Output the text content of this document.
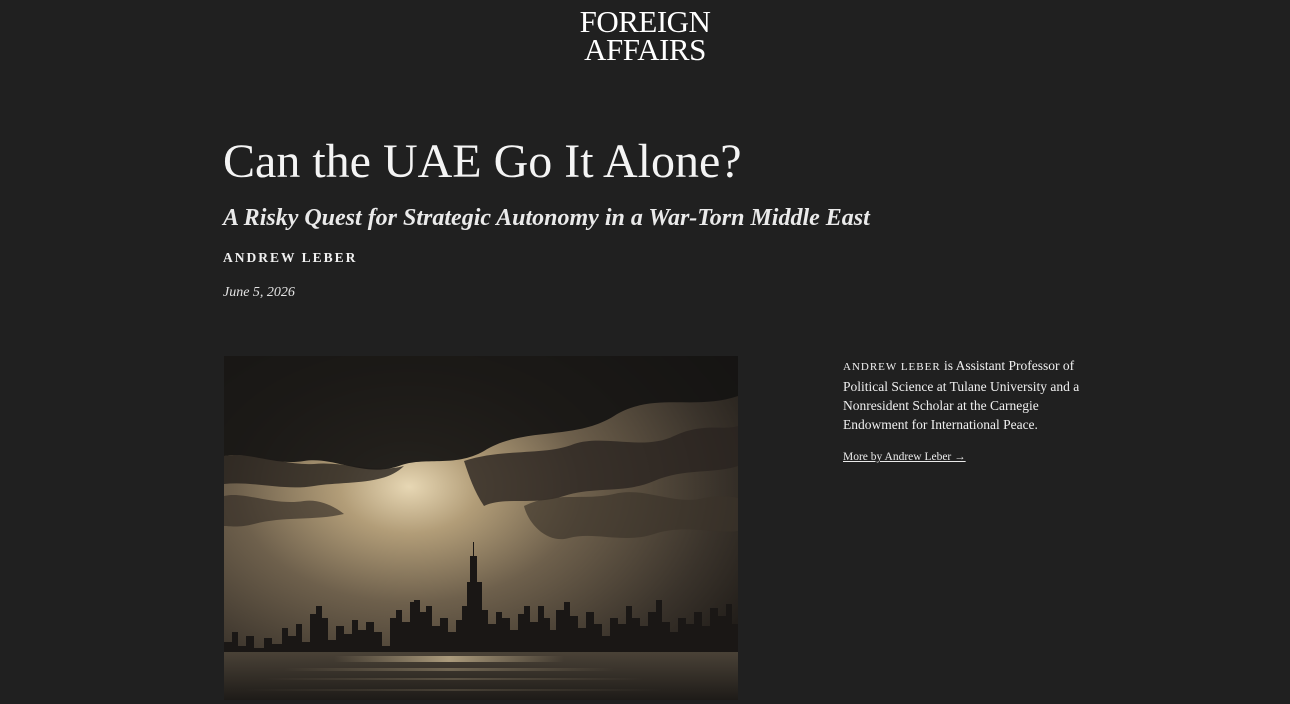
FOREIGN
AFFAIRS
Can the UAE Go It Alone?
A Risky Quest for Strategic Autonomy in a War-Torn Middle East
ANDREW LEBER
June 5, 2026

ANDREW LEBER is Assistant Professor of Political Science at Tulane University and a Nonresident Scholar at the Carnegie Endowment for International Peace.

More by Andrew Leber →
